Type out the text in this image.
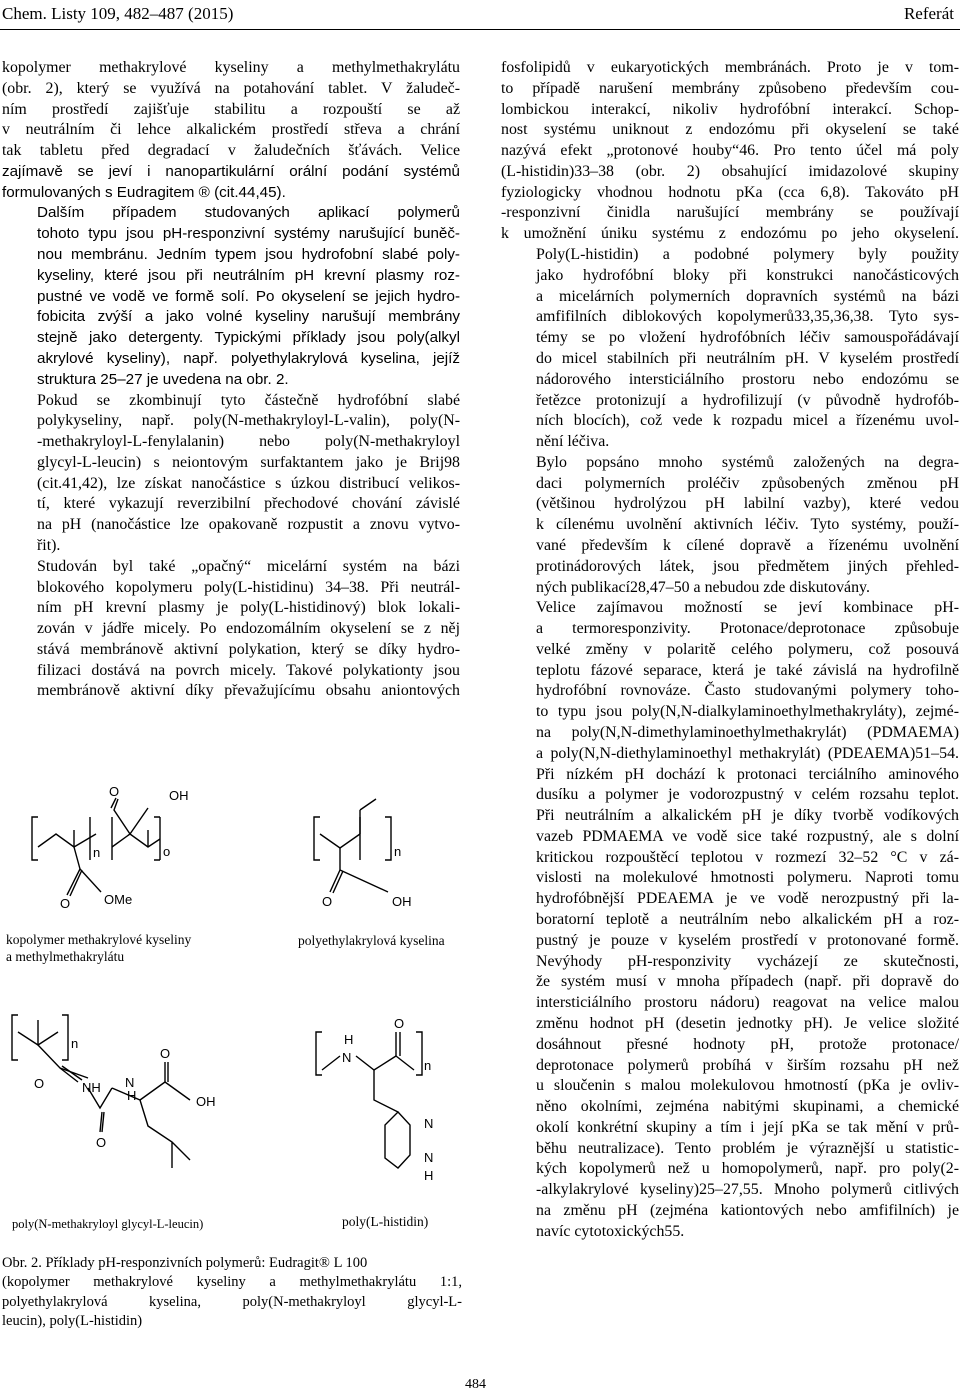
Chem. Listy 109, 482–487 (2015)	Referát

kopolymer methakrylové kyseliny a methylmethakrylátu
(obr. 2), který se využívá na potahování tablet. V žaludeč-
ním prostředí zajišťuje stabilitu a rozpouští se až
v neutrálním či lehce alkalickém prostředí střeva a chrání
tak tabletu před degradací v žaludečních šťávách. Velice
zajímavě se jeví i nanopartikulární orální podání systémů
formulovaných s Eudragitem ® (cit.44,45).

Dalším případem studovaných aplikací polymerů
tohoto typu jsou pH-responzivní systémy narušující buněč-
nou membránu. Jedním typem jsou hydrofobní slabé poly-
kyseliny, které jsou při neutrálním pH krevní plasmy roz-
pustné ve vodě ve formě solí. Po okyselení se jejich hydro-
fobicita zvýší a jako volné kyseliny narušují membrány
stejně jako detergenty. Typickými příklady jsou poly(alkyl
akrylové kyseliny), např. polyethylakrylová kyselina, jejíž
struktura 25–27 je uvedena na obr. 2.

Pokud se zkombinují tyto částečně hydrofóbní slabé
polykyseliny, např. poly(N-methakryloyl-L-valin), poly(N-
-methakryloyl-L-fenylalanin) nebo poly(N-methakryloyl
glycyl-L-leucin) s neiontovým surfaktantem jako je Brij98
(cit.41,42), lze získat nanočástice s úzkou distribucí velikos-
tí, které vykazují reverzibilní přechodové chování závislé
na pH (nanočástice lze opakovaně rozpustit a znovu vytvo-
řit).

Studován byl také „opačný“ micelární systém na bázi
blokového kopolymeru poly(L-histidinu) 34–38. Při neutrál-
ním pH krevní plasmy je poly(L-histidinový) blok lokali-
zován v jádře micely. Po endozomálním okyselení se z něj
stává membránově aktivní polykation, který se díky hydro-
filizaci dostává na povrch micely. Takové polykationty jsou
membránově aktivní díky převažujícímu obsahu aniontových

fosfolipidů v eukaryotických membránách. Proto je v tom-
to případě narušení membrány způsobeno především cou-
lombickou interakcí, nikoliv hydrofóbní interakcí. Schop-
nost systému uniknout z endozómu při okyselení se také
nazývá efekt „protonové houby“46. Pro tento účel má poly
(L-histidin)33–38 (obr. 2) obsahující imidazolové skupiny
fyziologicky vhodnou hodnotu pKa (cca 6,8). Takováto pH
-responzivní činidla narušující membrány se používají
k umožnění úniku systému z endozómu po jeho okyselení.

Poly(L-histidin) a podobné polymery byly použity
jako hydrofóbní bloky při konstrukci nanočásticových
a micelárních polymerních dopravních systémů na bázi
amfifilních diblokových kopolymerů33,35,36,38. Tyto sys-
témy se po vložení hydrofóbních léčiv samouspořádávají
do micel stabilních při neutrálním pH. V kyselém prostředí
nádorového intersticiálního prostoru nebo endozómu se
řetězce protonizují a hydrofilizují (v původně hydrofób-
ních blocích), což vede k rozpadu micel a řízenému uvol-
nění léčiva.

Bylo popsáno mnoho systémů založených na degra-
daci polymerních proléčiv způsobených změnou pH
(většinou hydrolýzou pH labilní vazby), které vedou
k cílenému uvolnění aktivních léčiv. Tyto systémy, použí-
vané především k cílené dopravě a řízenému uvolnění
protinádorových látek, jsou předmětem jiných přehled-
ných publikací28,47–50 a nebudou zde diskutovány.

Velice zajímavou možností se jeví kombinace pH-
a termoresponzivity. Protonace/deprotonace způsobuje
velké změny v polaritě celého polymeru, což posouvá
teplotu fázové separace, která je také závislá na hydrofilně
hydrofóbní rovnováze. Často studovanými polymery toho-
to typu jsou poly(N,N-dialkylaminoethylmethakryláty), zejmé-
na poly(N,N-dimethylaminoethylmethakrylát) (PDMAEMA)
a poly(N,N-diethylaminoethyl methakrylát) (PDEAEMA)51–54.
Při nízkém pH dochází k protonaci terciálního aminového
dusíku a polymer je vodorozpustný v celém rozsahu teplot.
Při neutrálním a alkalickém pH je díky tvorbě vodíkových
vazeb PDMAEMA ve vodě sice také rozpustný, ale s dolní
kritickou rozpouštěcí teplotou v rozmezí 32–52 °C v zá-
vislosti na molekulové hmotnosti polymeru. Naproti tomu
hydrofóbnější PDEAEMA je ve vodě nerozpustný při la-
boratorní teplotě a neutrálním nebo alkalickém pH a roz-
pustný je pouze v kyselém prostředí v protonované formě.

Nevýhody pH-responzivity vycházejí ze skutečnosti,
že systém musí v mnoha případech (např. při dopravě do
intersticiálního prostoru nádoru) reagovat na velice malou
změnu hodnot pH (desetin jednotky pH). Je velice složité
dosáhnout přesné hodnoty pH, protože protonace/
deprotonace polymerů probíhá v širším rozsahu pH než
u sloučenin s malou molekulovou hmotností (pKa je ovliv-
něno okolními, zejména nabitými skupinami, a chemické
okolí konkrétní skupiny a tím i její pKa se tak mění v prů-
běhu neutralizace). Tento problém je výraznější u statistic-
kých kopolymerů než u homopolymerů, např. pro poly(2-
-alkylakrylové kyseliny)25–27,55. Mnoho polymerů citlivých
na změnu pH (zejména kationtových nebo amfifilních) je
navíc cytotoxických55.

O	OH
n	o
O	OMe
n
O	OH
n
O	NH
H
N
O
OH
O
H
N
O
n
N
N
H
kopolymer methakrylové kyseliny
a methylmethakrylátu
polyethylakrylová kyselina
poly(N-methakryloyl glycyl-L-leucin)	poly(L-histidin)
Obr. 2. Příklady pH-responzivních polymerů: Eudragit® L 100
(kopolymer methakrylové kyseliny a methylmethakrylátu 1:1,
polyethylakrylová kyselina, poly(N-methakryloyl glycyl-L-
leucin), poly(L-histidin)
484
